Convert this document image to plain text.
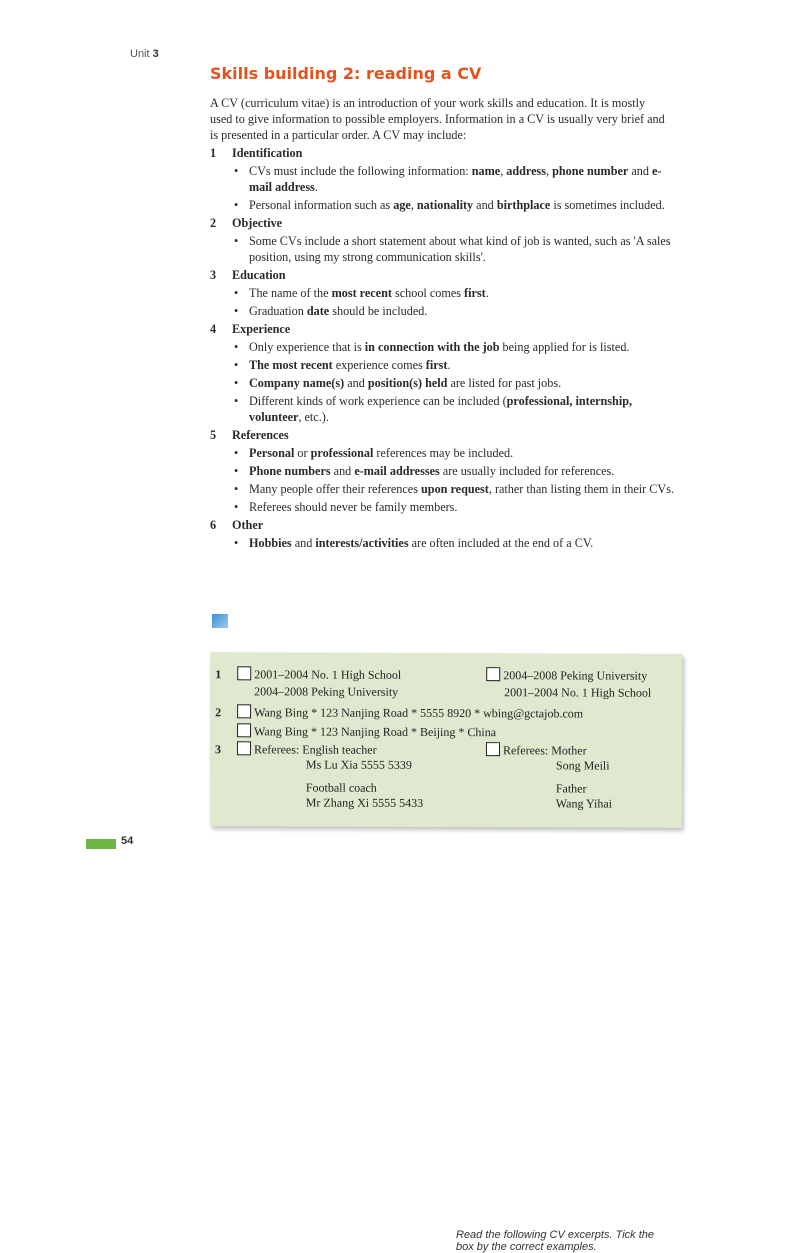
Unit 3
Skills building 2: reading a CV

A CV (curriculum vitae) is an introduction of your work skills and education. It is mostly used to give information to possible employers. Information in a CV is usually very brief and is presented in a particular order. A CV may include:

1	Identification
• CVs must include the following information: name, address, phone number and e-mail address.
• Personal information such as age, nationality and birthplace is sometimes included.
2	Objective
• Some CVs include a short statement about what kind of job is wanted, such as 'A sales position, using my strong communication skills'.
3	Education
• The name of the most recent school comes first.
• Graduation date should be included.
4	Experience
• Only experience that is in connection with the job being applied for is listed.
• The most recent experience comes first.
• Company name(s) and position(s) held are listed for past jobs.
• Different kinds of work experience can be included (professional, internship, volunteer, etc.).
5	References
• Personal or professional references may be included.
• Phone numbers and e-mail addresses are usually included for references.
• Many people offer their references upon request, rather than listing them in their CVs.
• Referees should never be family members.
6	Other
• Hobbies and interests/activities are often included at the end of a CV.
Read the following CV excerpts. Tick the box by the correct examples.
1	2001–2004 No. 1 High School
2004–2008 Peking University
2004–2008 Peking University
2001–2004 No. 1 High School
2	Wang Bing * 123 Nanjing Road * 5555 8920 * wbing@gctajob.com
Wang Bing * 123 Nanjing Road * Beijing * China
3	Referees: English teacher
Ms Lu Xia 5555 5339
Football coach
Mr Zhang Xi 5555 5433
Referees: Mother
Song Meili
Father
Wang Yihai
54
